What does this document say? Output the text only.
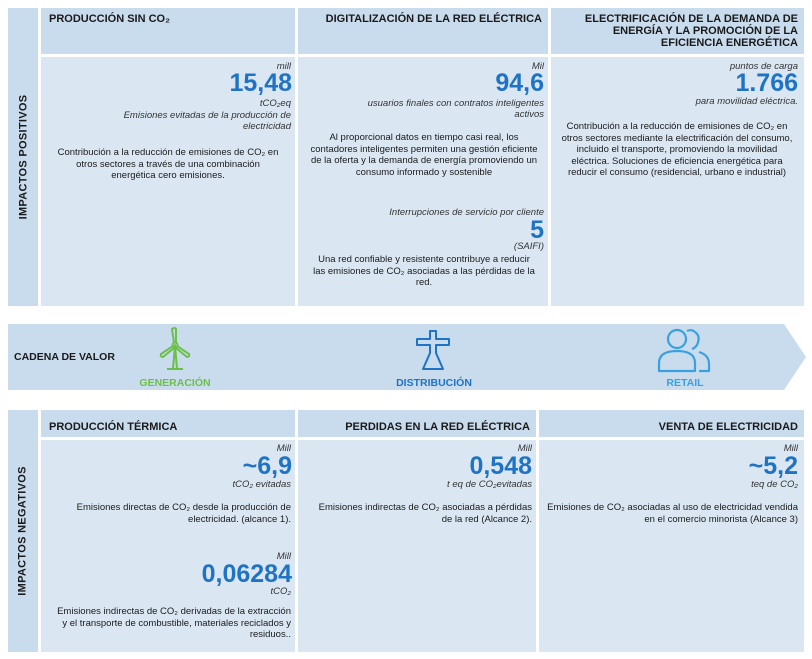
IMPACTOS POSITIVOS
PRODUCCIÓN SIN CO₂	DIGITALIZACIÓN DE LA RED ELÉCTRICA	ELECTRIFICACIÓN DE LA DEMANDA DE ENERGÍA Y LA PROMOCIÓN DE LA EFICIENCIA ENERGÉTICA
mill
15,48
tCO₂eq
Emisiones evitadas de la producción de electricidad
Contribución a la reducción de emisiones de CO₂ en otros sectores a través de una combinación energética cero emisiones.
Mil
94,6
usuarios finales con contratos inteligentes activos
Al proporcional datos en tiempo casi real, los contadores inteligentes permiten una gestión eficiente de la oferta y la demanda de energía promoviendo un consumo informado y sostenible
Interrupciones de servicio por cliente
5
(SAIFI)
Una red confiable y resistente contribuye a reducir las emisiones de CO₂ asociadas a las pérdidas de la red.
puntos de carga
1.766
para movilidad eléctrica.
Contribución a la reducción de emisiones de CO₂ en otros sectores mediante la electrificación del consumo, incluido el transporte, promoviendo la movilidad eléctrica. Soluciones de eficiencia energética para reducir el consumo (residencial, urbano e industrial)
CADENA DE VALOR
GENERACIÓN	DISTRIBUCIÓN	RETAIL
IMPACTOS NEGATIVOS
PRODUCCIÓN TÉRMICA	PERDIDAS EN LA RED ELÉCTRICA	VENTA DE ELECTRICIDAD
Mill
~6,9
tCO₂ evitadas
Emisiones directas de CO₂ desde la producción de electricidad. (alcance 1).
Mill
0,06284
tCO₂
Emisiones indirectas de CO₂ derivadas de la extracción y el transporte de combustible, materiales reciclados y residuos..
Mill
0,548
t eq de CO₂evitadas
Emisiones indirectas de CO₂ asociadas a pérdidas de la red (Alcance 2).
Mill
~5,2
teq de CO₂
Emisiones de CO₂ asociadas al uso de electricidad vendida en el comercio minorista (Alcance 3)
